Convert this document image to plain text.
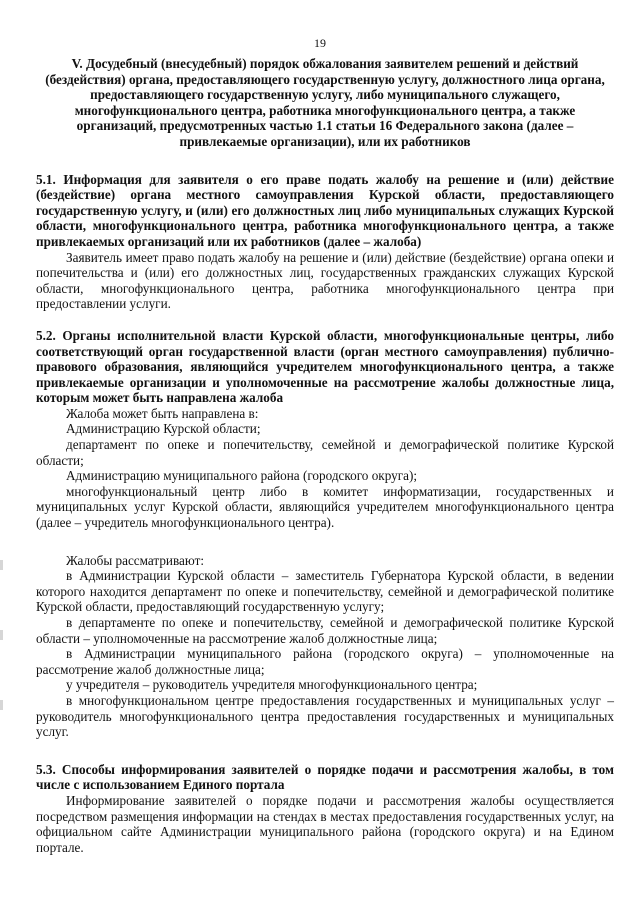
19

V. Досудебный (внесудебный) порядок обжалования заявителем решений и действий (бездействия) органа, предоставляющего государственную услугу, должностного лица органа, предоставляющего государственную услугу, либо муниципального служащего, многофункционального центра, работника многофункционального центра, а также организаций, предусмотренных частью 1.1 статьи 16 Федерального закона (далее – привлекаемые организации), или их работников

5.1. Информация для заявителя о его праве подать жалобу на решение и (или) действие (бездействие) органа местного самоуправления Курской области, предоставляющего государственную услугу, и (или) его должностных лиц либо муниципальных служащих Курской области, многофункционального центра, работника многофункционального центра, а также привлекаемых организаций или их работников (далее – жалоба)

Заявитель имеет право подать жалобу на решение и (или) действие (бездействие) органа опеки и попечительства и (или) его должностных лиц, государственных гражданских служащих Курской области, многофункционального центра, работника многофункционального центра при предоставлении услуги.

5.2. Органы исполнительной власти Курской области, многофункциональные центры, либо соответствующий орган государственной власти (орган местного самоуправления) публично-правового образования, являющийся учредителем многофункционального центра, а также привлекаемые организации и уполномоченные на рассмотрение жалобы должностные лица, которым может быть направлена жалоба

Жалоба может быть направлена в:

Администрацию Курской области;

департамент по опеке и попечительству, семейной и демографической политике Курской области;

Администрацию муниципального района (городского округа);

многофункциональный центр либо в комитет информатизации, государственных и муниципальных услуг Курской области, являющийся учредителем многофункционального центра (далее – учредитель многофункционального центра).

Жалобы рассматривают:

в Администрации Курской области – заместитель Губернатора Курской области, в ведении которого находится департамент по опеке и попечительству, семейной и демографической политике Курской области, предоставляющий государственную услугу;

в департаменте по опеке и попечительству, семейной и демографической политике Курской области – уполномоченные на рассмотрение жалоб должностные лица;

в Администрации муниципального района (городского округа) – уполномоченные на рассмотрение жалоб должностные лица;

у учредителя – руководитель учредителя многофункционального центра;

в многофункциональном центре предоставления государственных и муниципальных услуг – руководитель многофункционального центра предоставления государственных и муниципальных услуг.

5.3. Способы информирования заявителей о порядке подачи и рассмотрения жалобы, в том числе с использованием Единого портала

Информирование заявителей о порядке подачи и рассмотрения жалобы осуществляется посредством размещения информации на стендах в местах предоставления государственных услуг, на официальном сайте Администрации муниципального района (городского округа) и на Едином портале.
